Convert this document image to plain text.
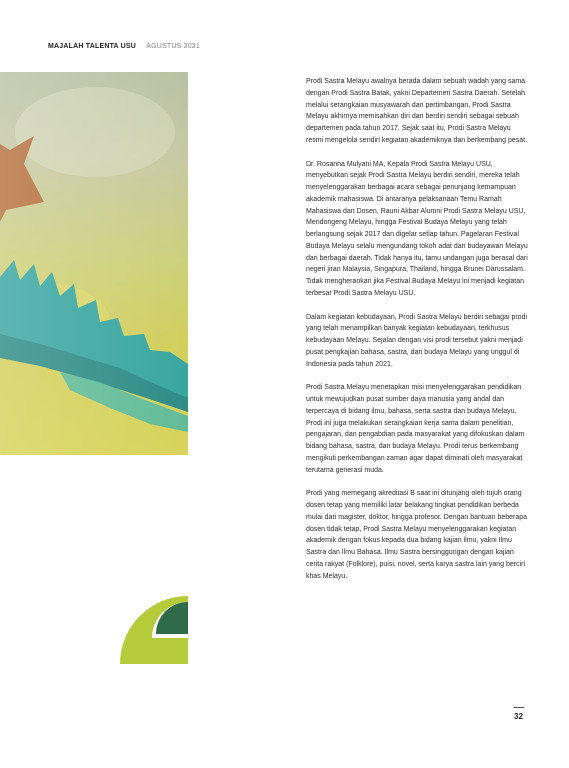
MAJALAH TALENTA USU AGUSTUS 2021

Prodi Sastra Melayu awalnya berada dalam sebuah wadah yang sama dengan Prodi Sastra Batak, yakni Departemen Sastra Daerah. Setelah melalui serangkaian musyawarah dan pertimbangan, Prodi Sastra Melayu akhirnya memisahkan diri dan berdiri sendiri sebagai sebuah departemen pada tahun 2017. Sejak saat itu, Prodi Sastra Melayu resmi mengelola sendiri kegiatan akademiknya dan berkembang pesat.

Dr. Rosanna Mulyani MA, Kepala Prodi Sastra Melayu USU, menyebutkan sejak Prodi Sastra Melayu berdiri sendiri, mereka telah menyelenggarakan berbagai acara sebagai penunjang kemampuan akademik mahasiswa. Di antaranya pelaksanaan Temu Ramah Mahasiswa dan Dosen, Rauni Akbar Alumni Prodi Sastra Melayu USU, Mendongeng Melayu, hingga Festival Budaya Melayu yang telah berlangsung sejak 2017 dan digelar setiap tahun. Pagelaran Festival Budaya Melayu selalu mengundang tokoh adat dan budayawan Melayu dari berbagai daerah. Tidak hanya itu, tamu undangan juga berasal dari negeri jiran Malaysia, Singapura, Thailand, hingga Brunei Darussalam. Tidak mengherankan jika Festival Budaya Melayu ini menjadi kegiatan terbesar Prodi Sastra Melayu USU.

Dalam kegiatan kebudayaan, Prodi Sastra Melayu berdiri sebagai prodi yang telah menampilkan banyak kegiatan kebudayaan, terkhusus kebudayaan Melayu. Sejalan dengan visi prodi tersebut yakni menjadi pusat pengkajian bahasa, sastra, dan budaya Melayu yang unggul di Indonesia pada tahun 2021.

Prodi Sastra Melayu menetapkan misi menyelenggarakan pendidikan untuk mewujudkan pusat sumber daya manusia yang andal dan terpercaya di bidang ilmu, bahasa, serta sastra dan budaya Melayu. Prodi ini juga melakukan serangkaian kerja sama dalam penelitian, pengajaran, dan pengabdian pada masyarakat yang difokuskan dalam bidang bahasa, sastra, dan budaya Melayu. Prodi terus berkembang mengikuti perkembangan zaman agar dapat diminati oleh masyarakat terutama generasi muda.

Prodi yang memegang akreditasi B saat ini ditunjang oleh tujuh orang dosen tetap yang memiliki latar belakang tingkat pendidikan berbeda mulai dari magister, doktor, hingga profesor. Dengan bantuan beberapa dosen tidak tetap, Prodi Sastra Melayu menyelenggarakan kegiatan akademik dengan fokus kepada dua bidang kajian ilmu, yakni Ilmu Sastra dan Ilmu Bahasa. Ilmu Sastra bersinggungan dengan kajian cerita rakyat (Folklore), puisi, novel, serta karya sastra lain yang berciri khas Melayu.

32
